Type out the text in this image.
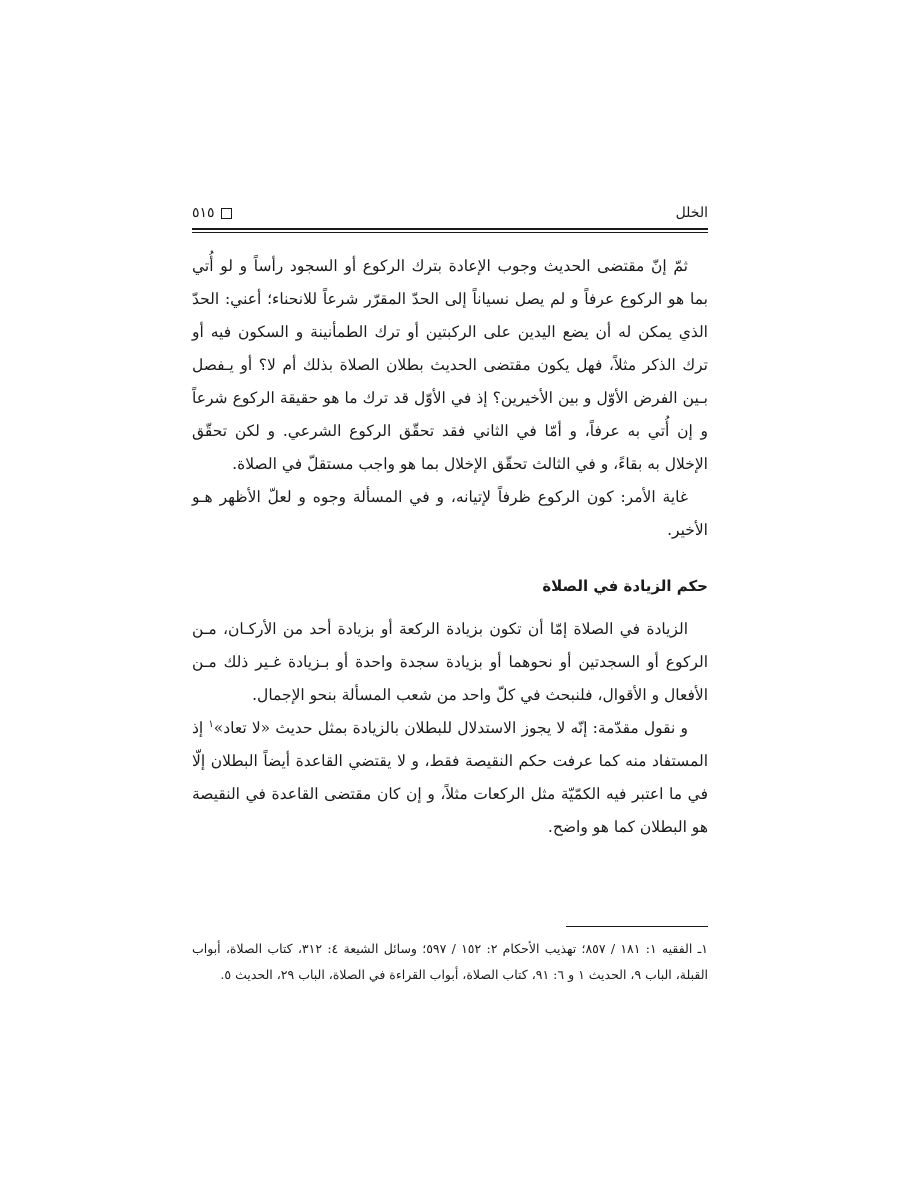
الخلل
٥١٥

ثمّ إنّ مقتضى الحديث وجوب الإعادة بترك الركوع أو السجود رأساً و لو أُتي بما هو الركوع عرفاً و لم يصل نسياناً إلى الحدّ المقرّر شرعاً للانحناء؛ أعني: الحدّ الذي يمكن له أن يضع اليدين على الركبتين أو ترك الطمأنينة و السكون فيه أو ترك الذكر مثلاً، فهل يكون مقتضى الحديث بطلان الصلاة بذلك أم لا؟ أو يـفصل بـين الفرض الأوّل و بين الأخيرين؟ إذ في الأوّل قد ترك ما هو حقيقة الركوع شرعاً و إن أُتي به عرفاً، و أمّا في الثاني فقد تحقّق الركوع الشرعي. و لكن تحقّق الإخلال به بقاءً، و في الثالث تحقّق الإخلال بما هو واجب مستقلّ في الصلاة.

غاية الأمر: كون الركوع ظرفاً لإتيانه، و في المسألة وجوه و لعلّ الأظهر هـو الأخير.

حكم الزيادة في الصلاة

الزيادة في الصلاة إمّا أن تكون بزيادة الركعة أو بزيادة أحد من الأركـان، مـن الركوع أو السجدتين أو نحوهما أو بزيادة سجدة واحدة أو بـزيادة غـير ذلك مـن الأفعال و الأقوال، فلنبحث في كلّ واحد من شعب المسألة بنحو الإجمال.

و نقول مقدّمة: إنّه لا يجوز الاستدلال للبطلان بالزيادة بمثل حديث «لا تعاد»$^١$ إذ المستفاد منه كما عرفت حكم النقيصة فقط، و لا يقتضي القاعدة أيضاً البطلان إلّا في ما اعتبر فيه الكمّيّة مثل الركعات مثلاً، و إن كان مقتضى القاعدة في النقيصة هو البطلان كما هو واضح.

١ـ الفقيه ١: ١٨١ / ٨٥٧؛ تهذيب الأحكام ٢: ١٥٢ / ٥٩٧؛ وسائل الشيعة ٤: ٣١٢، كتاب الصلاة، أبواب القبلة، الباب ٩، الحديث ١ و ٦: ٩١، كتاب الصلاة، أبواب القراءة في الصلاة، الباب ٢٩، الحديث ٥.
